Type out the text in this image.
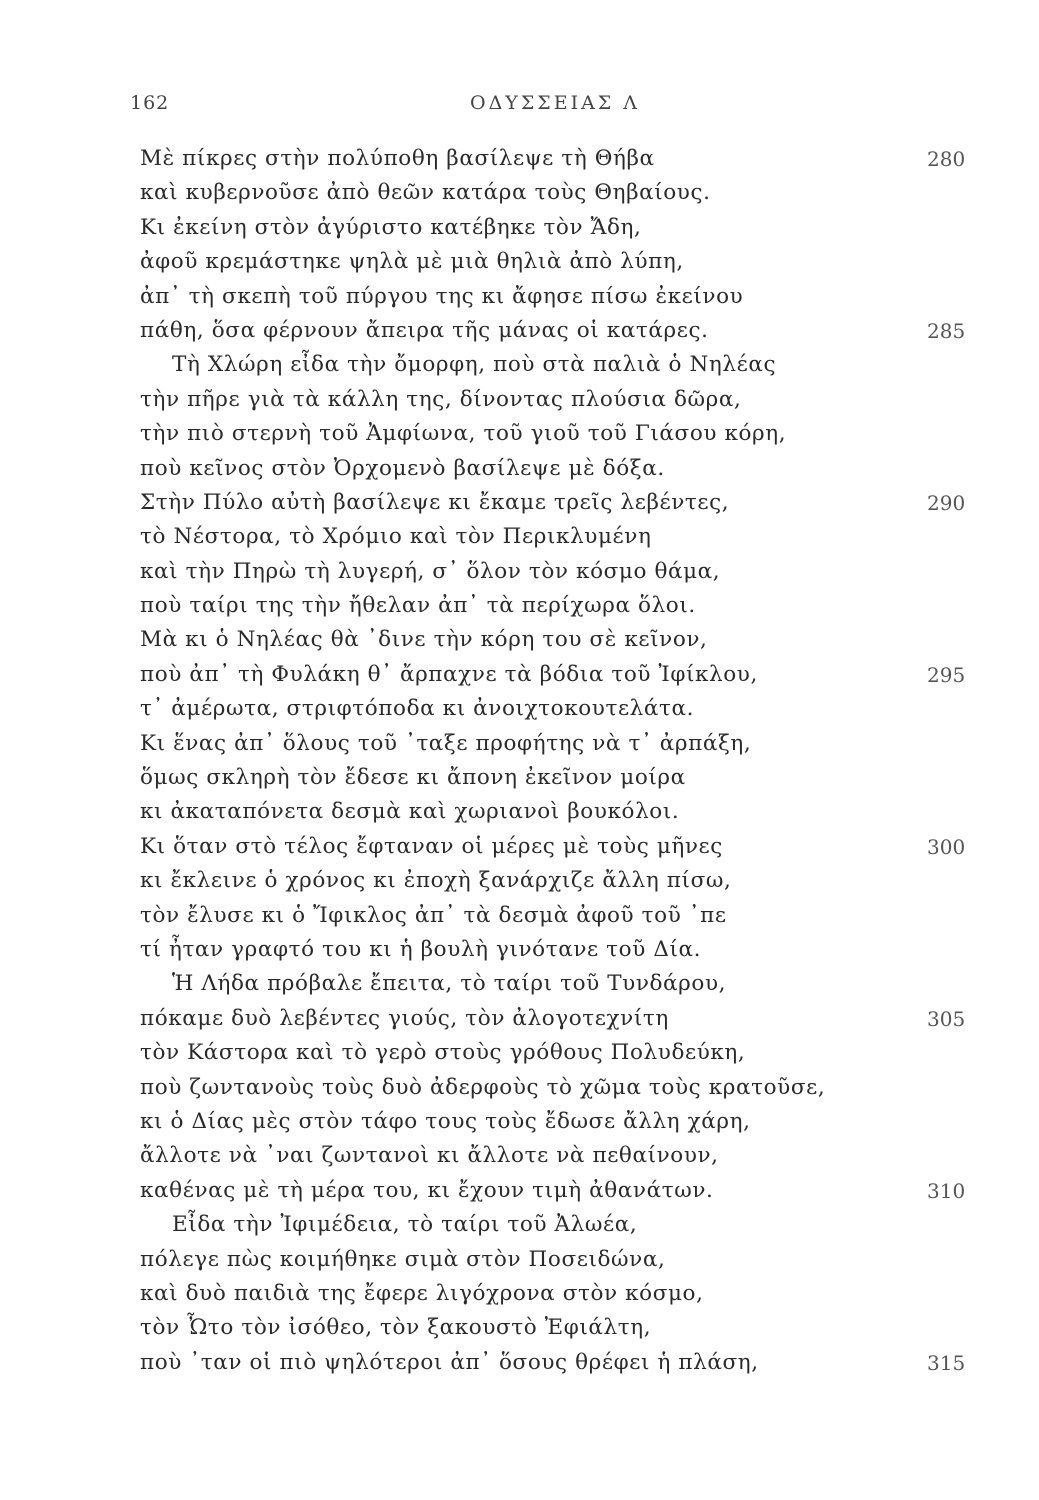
162	ΟΔΥΣΣΕΙΑΣ Λ
Μὲ πίκρες στὴν πολύποθη βασίλεψε τὴ Θήβα	280
καὶ κυβερνοῦσε ἀπὸ θεῶν κατάρα τοὺς Θηβαίους.
Κι ἐκείνη στὸν ἀγύριστο κατέβηκε τὸν Ἄδη,
ἀφοῦ κρεμάστηκε ψηλὰ μὲ μιὰ θηλιὰ ἀπὸ λύπη,
ἀπ᾽ τὴ σκεπὴ τοῦ πύργου της κι ἄφησε πίσω ἐκείνου
πάθη, ὅσα φέρνουν ἄπειρα τῆς μάνας οἱ κατάρες.	285
Τὴ Χλώρη εἶδα τὴν ὄμορφη, ποὺ στὰ παλιὰ ὁ Νηλέας
τὴν πῆρε γιὰ τὰ κάλλη της, δίνοντας πλούσια δῶρα,
τὴν πιὸ στερνὴ τοῦ Ἀμφίωνα, τοῦ γιοῦ τοῦ Γιάσου κόρη,
ποὺ κεῖνος στὸν Ὀρχομενὸ βασίλεψε μὲ δόξα.
Στὴν Πύλο αὐτὴ βασίλεψε κι ἔκαμε τρεῖς λεβέντες,	290
τὸ Νέστορα, τὸ Χρόμιο καὶ τὸν Περικλυμένη
καὶ τὴν Πηρὼ τὴ λυγερή, σ᾽ ὅλον τὸν κόσμο θάμα,
ποὺ ταίρι της τὴν ἤθελαν ἀπ᾽ τὰ περίχωρα ὅλοι.
Μὰ κι ὁ Νηλέας θὰ ᾽δινε τὴν κόρη του σὲ κεῖνον,
ποὺ ἀπ᾽ τὴ Φυλάκη θ᾽ ἄρπαχνε τὰ βόδια τοῦ Ἰφίκλου,	295
τ᾽ ἀμέρωτα, στριφτόποδα κι ἀνοιχτοκουτελάτα.
Κι ἕνας ἀπ᾽ ὅλους τοῦ ᾽ταξε προφήτης νὰ τ᾽ ἀρπάξη,
ὅμως σκληρὴ τὸν ἔδεσε κι ἄπονη ἐκεῖνον μοίρα
κι ἀκαταπόνετα δεσμὰ καὶ χωριανοὶ βουκόλοι.
Κι ὅταν στὸ τέλος ἔφταναν οἱ μέρες μὲ τοὺς μῆνες	300
κι ἔκλεινε ὁ χρόνος κι ἐποχὴ ξανάρχιζε ἄλλη πίσω,
τὸν ἔλυσε κι ὁ Ἴφικλος ἀπ᾽ τὰ δεσμὰ ἀφοῦ τοῦ ᾽πε
τί ἦταν γραφτό του κι ἡ βουλὴ γινότανε τοῦ Δία.
Ἡ Λήδα πρόβαλε ἔπειτα, τὸ ταίρι τοῦ Τυνδάρου,
πόκαμε δυὸ λεβέντες γιούς, τὸν ἀλογοτεχνίτη	305
τὸν Κάστορα καὶ τὸ γερὸ στοὺς γρόθους Πολυδεύκη,
ποὺ ζωντανοὺς τοὺς δυὸ ἀδερφοὺς τὸ χῶμα τοὺς κρατοῦσε,
κι ὁ Δίας μὲς στὸν τάφο τους τοὺς ἔδωσε ἄλλη χάρη,
ἄλλοτε νὰ ᾽ναι ζωντανοὶ κι ἄλλοτε νὰ πεθαίνουν,
καθένας μὲ τὴ μέρα του, κι ἔχουν τιμὴ ἀθανάτων.	310
Εἶδα τὴν Ἰφιμέδεια, τὸ ταίρι τοῦ Ἀλωέα,
πόλεγε πὼς κοιμήθηκε σιμὰ στὸν Ποσειδώνα,
καὶ δυὸ παιδιὰ της ἔφερε λιγόχρονα στὸν κόσμο,
τὸν Ὦτο τὸν ἰσόθεο, τὸν ξακουστὸ Ἐφιάλτη,
ποὺ ᾽ταν οἱ πιὸ ψηλότεροι ἀπ᾽ ὅσους θρέφει ἡ πλάση,	315
